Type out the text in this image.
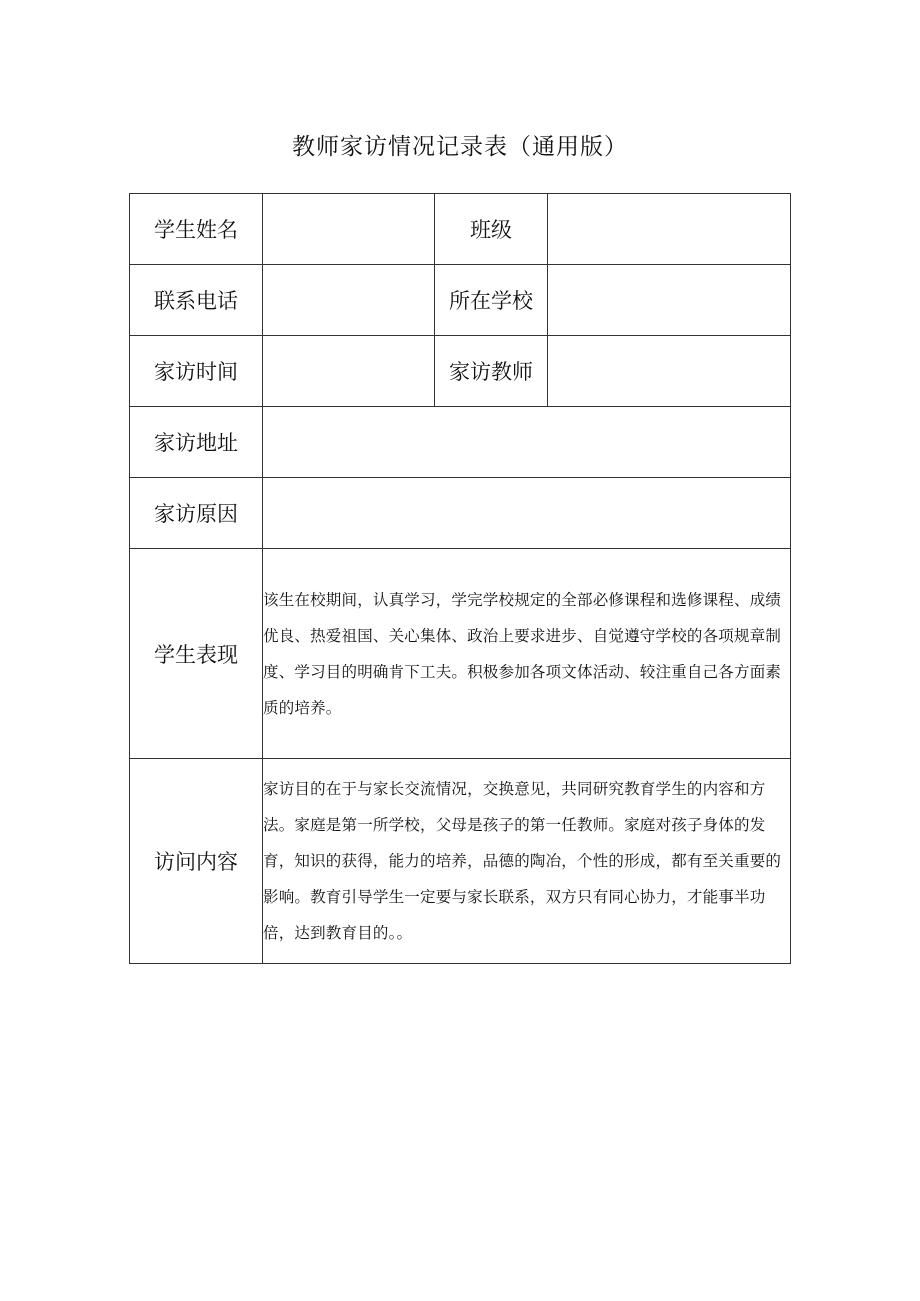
教师家访情况记录表（通用版）
学生姓名		班级	
联系电话		所在学校	
家访时间		家访教师	
家访地址			
家访原因			
学生表现	该生在校期间，认真学习，学完学校规定的全部必修课程和选修课程、成绩优良、热爱祖国、关心集体、政治上要求进步、自觉遵守学校的各项规章制度、学习目的明确肯下工夫。积极参加各项文体活动、较注重自己各方面素质的培养。		
访问内容	家访目的在于与家长交流情况，交换意见，共同研究教育学生的内容和方法。家庭是第一所学校，父母是孩子的第一任教师。家庭对孩子身体的发育，知识的获得，能力的培养，品德的陶冶，个性的形成，都有至关重要的影响。教育引导学生一定要与家长联系，双方只有同心协力，才能事半功倍，达到教育目的。。		
